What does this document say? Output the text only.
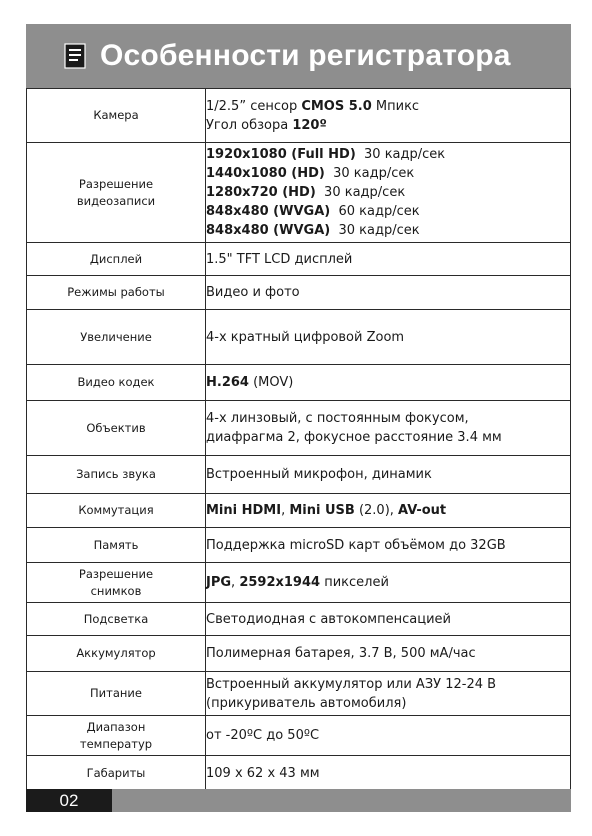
Особенности регистратора
Камера	1/2.5” сенсор CMOS 5.0 Мпикс
Угол обзора 120º

Разрешение
видеозаписи	1920x1080 (Full HD)  30 кадр/сек
1440x1080 (HD)  30 кадр/сек
1280x720 (HD)  30 кадр/сек
848x480 (WVGA)  60 кадр/сек
848x480 (WVGA)  30 кадр/сек

Дисплей	1.5" TFT LCD дисплей

Режимы работы	Видео и фото

Увеличение	4-х кратный цифровой Zoom

Видео кодек	H.264 (MOV)

Объектив	4-х линзовый, с постоянным фокусом,
диафрагма 2, фокусное расстояние 3.4 мм

Запись звука	Встроенный микрофон, динамик

Коммутация	Mini HDMI, Mini USB (2.0), AV-out

Память	Поддержка microSD карт объёмом до 32GB

Разрешение
снимков	JPG, 2592x1944 пикселей

Подсветка	Светодиодная с автокомпенсацией

Аккумулятор	Полимерная батарея, 3.7 В, 500 мА/час

Питание	Встроенный аккумулятор или АЗУ 12-24 В
(прикуриватель автомобиля)

Диапазон
температур	от -20ºС до 50ºС

Габариты	109 х 62 х 43 мм
02
